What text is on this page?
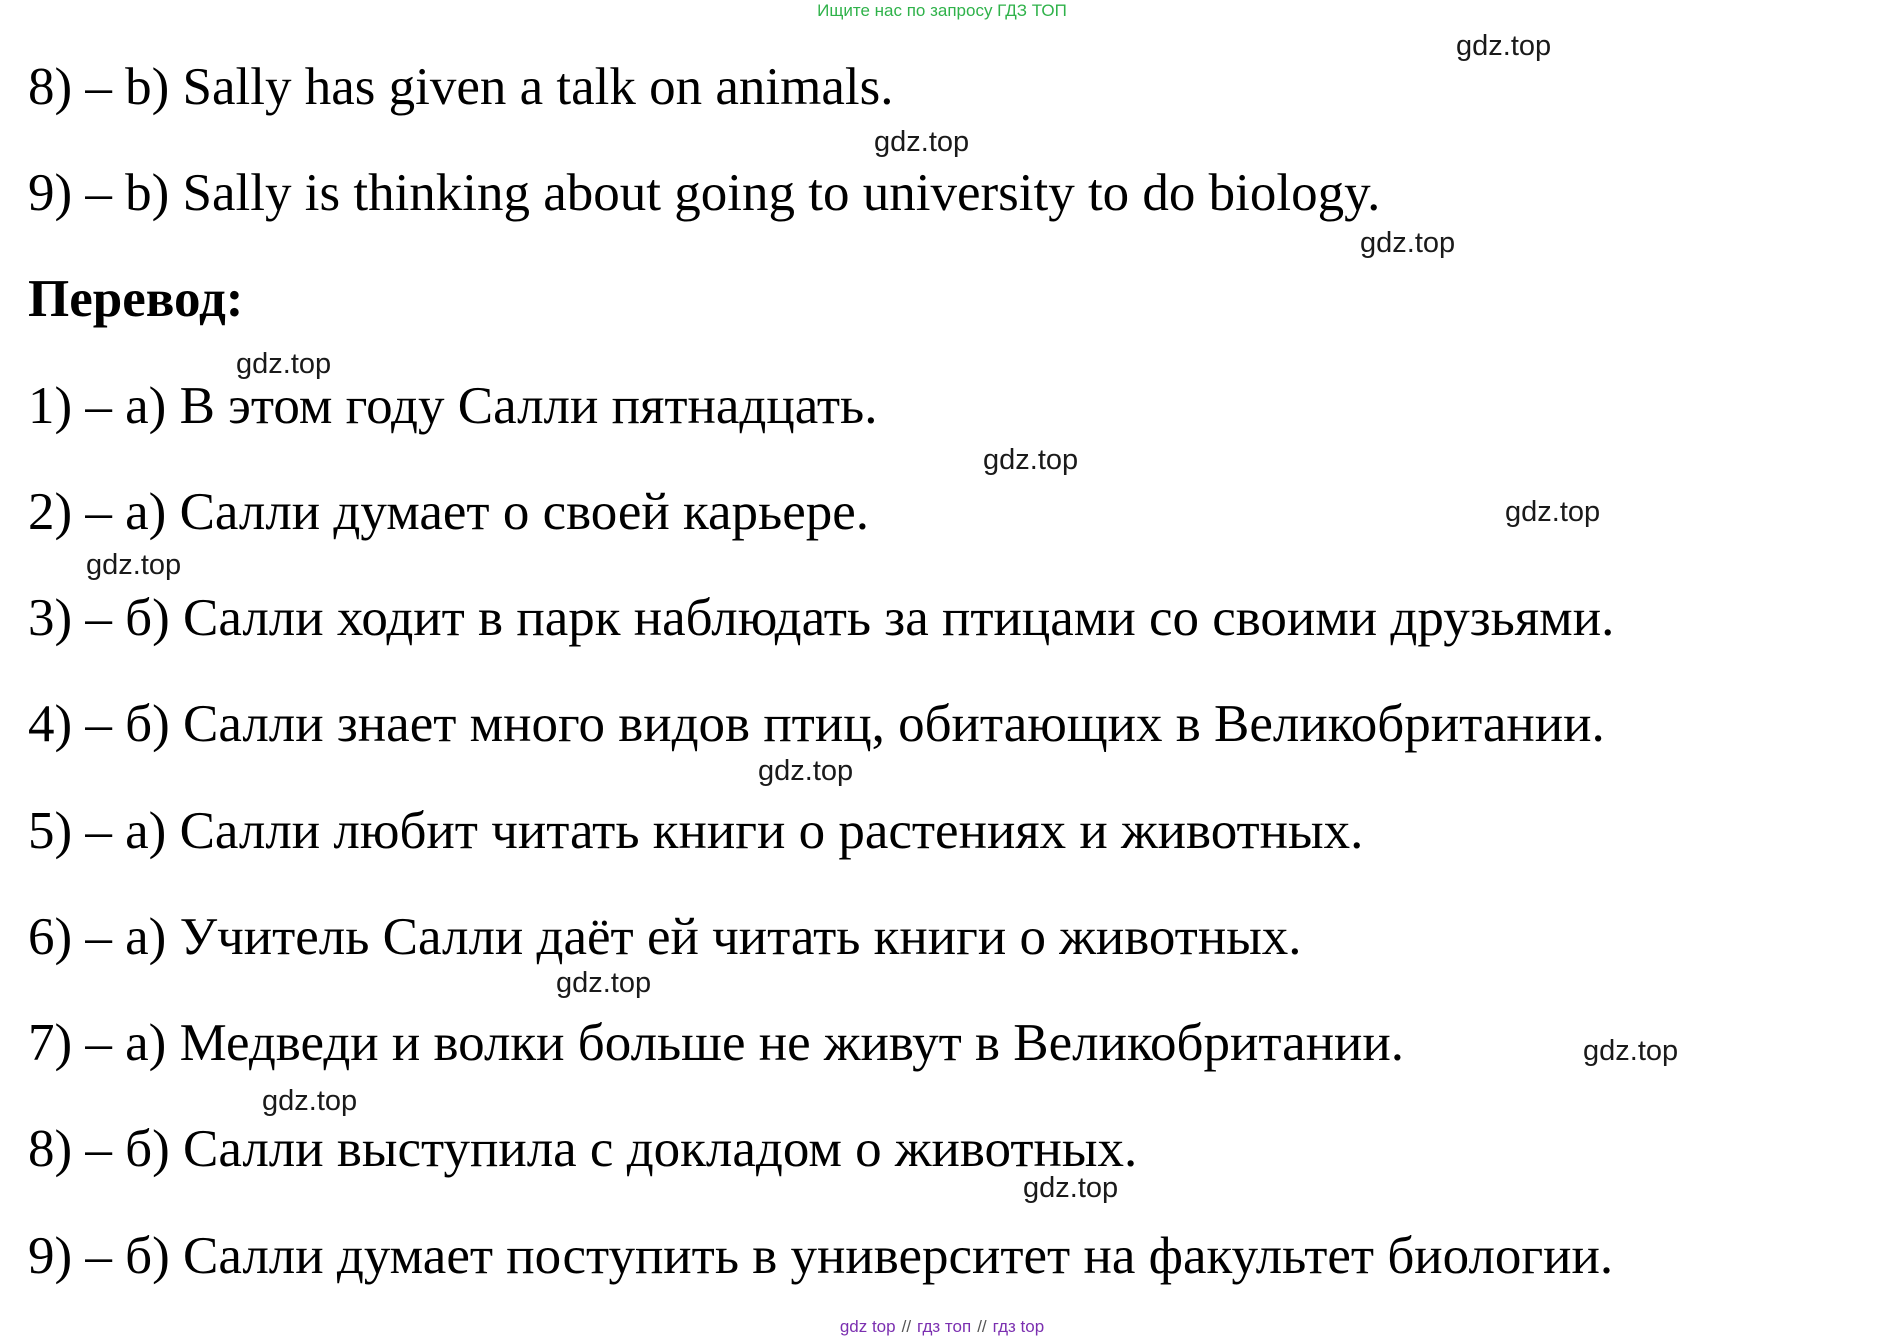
Ищите нас по запросу ГДЗ ТОП
gdz.top
gdz.top
gdz.top
gdz.top
gdz.top
gdz.top
gdz.top
gdz.top
gdz.top
gdz.top
gdz.top
gdz.top
8) – b) Sally has given a talk on animals.
9) – b) Sally is thinking about going to university to do biology.
Перевод:
1) – а) В этом году Салли пятнадцать.
2) – а) Салли думает о своей карьере.
3) – б) Салли ходит в парк наблюдать за птицами со своими друзьями.
4) – б) Салли знает много видов птиц, обитающих в Великобритании.
5) – а) Салли любит читать книги о растениях и животных.
6) – а) Учитель Салли даёт ей читать книги о животных.
7) – а) Медведи и волки больше не живут в Великобритании.
8) – б) Салли выступила с докладом о животных.
9) – б) Салли думает поступить в университет на факультет биологии.
gdz top // гдз топ // гдз top
